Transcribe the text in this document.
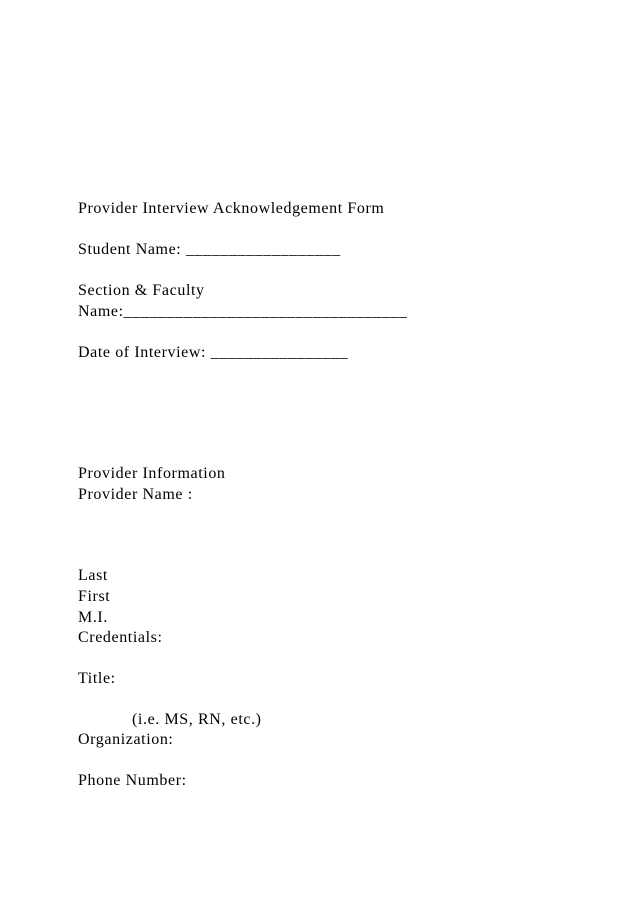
Provider Interview Acknowledgement Form
Student Name: __________________
Section & Faculty
Name:_________________________________
Date of Interview: ________________
Provider Information
Provider Name :
Last
First
M.I.
Credentials:
Title:
(i.e. MS, RN, etc.)
Organization:
Phone Number:
